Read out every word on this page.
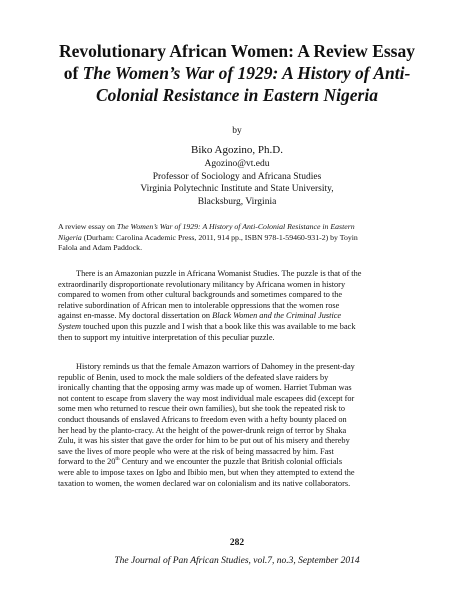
Revolutionary African Women: A Review Essay
of The Women’s War of 1929: A History of Anti-
Colonial Resistance in Eastern Nigeria
by
Biko Agozino, Ph.D.
Agozino@vt.edu
Professor of Sociology and Africana Studies
Virginia Polytechnic Institute and State University,
Blacksburg, Virginia
A review essay on The Women’s War of 1929: A History of Anti-Colonial Resistance in Eastern
Nigeria (Durham: Carolina Academic Press, 2011, 914 pp., ISBN 978-1-59460-931-2) by Toyin
Falola and Adam Paddock.
There is an Amazonian puzzle in Africana Womanist Studies. The puzzle is that of the
extraordinarily disproportionate revolutionary militancy by Africana women in history
compared to women from other cultural backgrounds and sometimes compared to the
relative subordination of African men to intolerable oppressions that the women rose
against en-masse. My doctoral dissertation on Black Women and the Criminal Justice
System touched upon this puzzle and I wish that a book like this was available to me back
then to support my intuitive interpretation of this peculiar puzzle.
History reminds us that the female Amazon warriors of Dahomey in the present-day
republic of Benin, used to mock the male soldiers of the defeated slave raiders by
ironically chanting that the opposing army was made up of women. Harriet Tubman was
not content to escape from slavery the way most individual male escapees did (except for
some men who returned to rescue their own families), but she took the repeated risk to
conduct thousands of enslaved Africans to freedom even with a hefty bounty placed on
her head by the planto-cracy. At the height of the power-drunk reign of terror by Shaka
Zulu, it was his sister that gave the order for him to be put out of his misery and thereby
save the lives of more people who were at the risk of being massacred by him. Fast
forward to the 20th Century and we encounter the puzzle that British colonial officials
were able to impose taxes on Igbo and Ibibio men, but when they attempted to extend the
taxation to women, the women declared war on colonialism and its native collaborators.
282
The Journal of Pan African Studies, vol.7, no.3, September 2014
